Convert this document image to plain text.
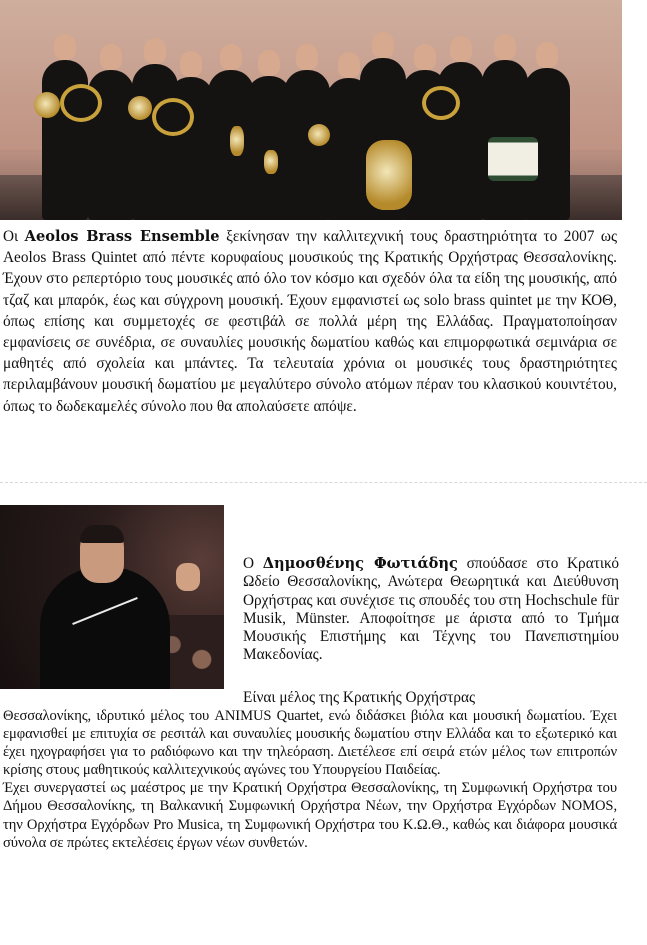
Οι Aeolos Brass Ensemble ξεκίνησαν την καλλιτεχνική τους δραστηριότητα το 2007 ως Aeolos Brass Quintet από πέντε κορυφαίους μουσικούς της Κρατικής Ορχήστρας Θεσσαλονίκης. Έχουν στο ρεπερτόριο τους μουσικές από όλο τον κόσμο και σχεδόν όλα τα είδη της μουσικής, από τζαζ και μπαρόκ, έως και σύγχρονη μουσική. Έχουν εμφανιστεί ως solo brass quintet με την ΚΟΘ, όπως επίσης και συμμετοχές σε φεστιβάλ σε πολλά μέρη της Ελλάδας. Πραγματοποίησαν εμφανίσεις σε συνέδρια, σε συναυλίες μουσικής δωματίου καθώς και επιμορφωτικά σεμινάρια σε μαθητές από σχολεία και μπάντες. Τα τελευταία χρόνια οι μουσικές τους δραστηριότητες περιλαμβάνουν μουσική δωματίου με μεγαλύτερο σύνολο ατόμων πέραν του κλασικού κουιντέτου, όπως το δωδεκαμελές σύνολο που θα απολαύσετε απόψε.
Ο Δημοσθένης Φωτιάδης σπούδασε στο Κρατικό Ωδείο Θεσσαλονίκης, Ανώτερα Θεωρητικά και Διεύθυνση Ορχήστρας και συνέχισε τις σπουδές του στη Hochschule für Musik, Münster. Αποφοίτησε με άριστα από το Τμήμα Μουσικής Επιστήμης και Τέχνης του Πανεπιστημίου Μακεδονίας.
Είναι μέλος της Κρατικής Ορχήστρας

Θεσσαλονίκης, ιδρυτικό μέλος του ANIMUS Quartet, ενώ διδάσκει βιόλα και μουσική δωματίου. Έχει εμφανισθεί με επιτυχία σε ρεσιτάλ και συναυλίες μουσικής δωματίου στην Ελλάδα και το εξωτερικό και έχει ηχογραφήσει για το ραδιόφωνο και την τηλεόραση. Διετέλεσε επί σειρά ετών μέλος των επιτροπών κρίσης στους μαθητικούς καλλιτεχνικούς αγώνες του Υπουργείου Παιδείας.

Έχει συνεργαστεί ως μαέστρος με την Κρατική Ορχήστρα Θεσσαλονίκης, τη Συμφωνική Ορχήστρα του Δήμου Θεσσαλονίκης, τη Βαλκανική Συμφωνική Ορχήστρα Νέων, την Ορχήστρα Εγχόρδων NOMOS, την Ορχήστρα Εγχόρδων Pro Musica, τη Συμφωνική Ορχήστρα του Κ.Ω.Θ., καθώς και διάφορα μουσικά σύνολα σε πρώτες εκτελέσεις έργων νέων συνθετών.
